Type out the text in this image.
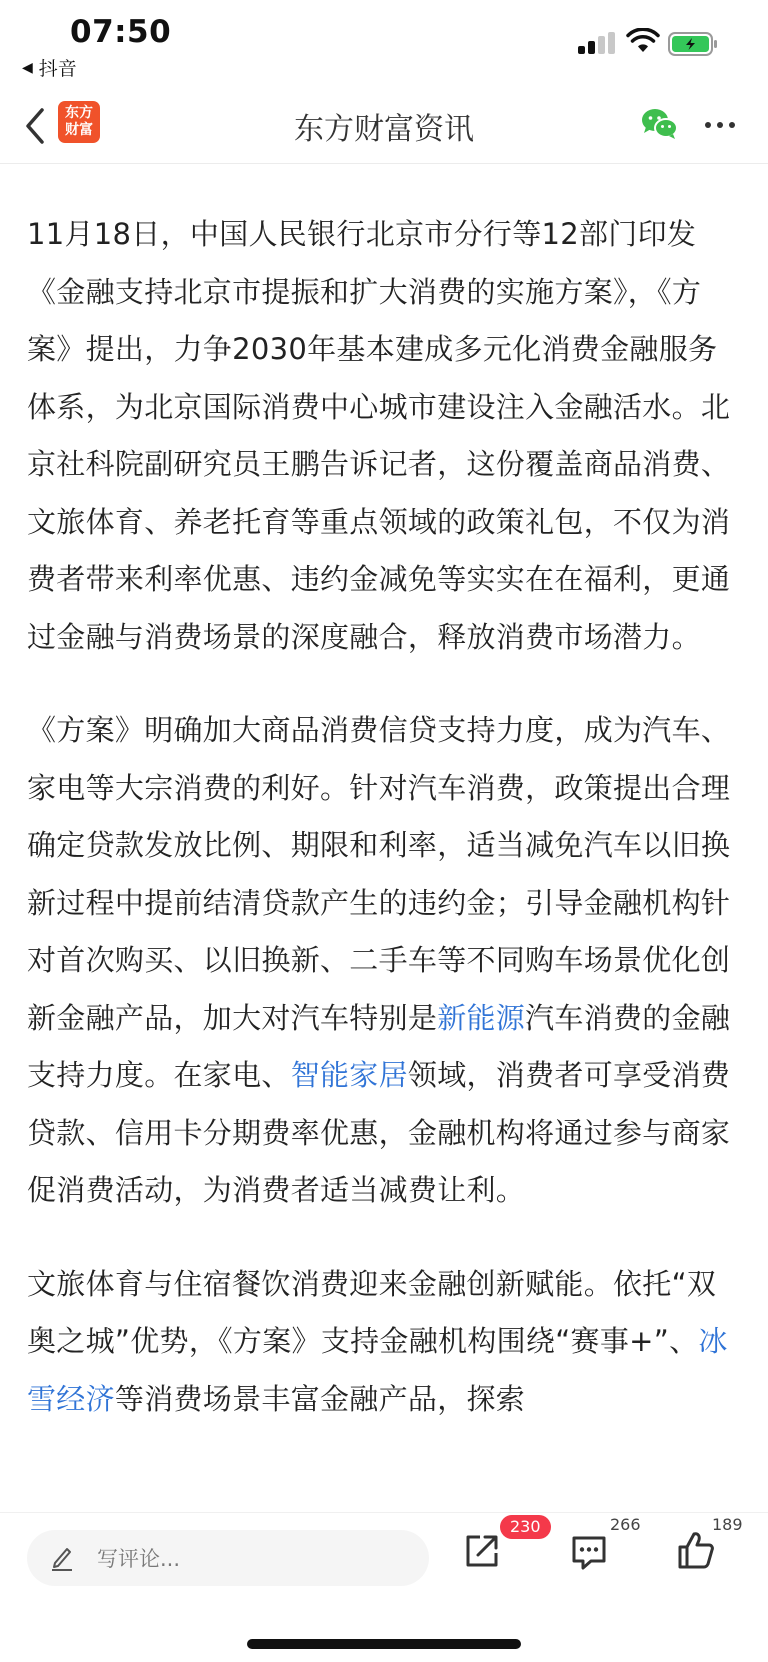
07:50
◀ 抖音
东方
财富	东方财富资讯

11月18日，中国人民银行北京市分行等12部门印发《金融支持北京市提振和扩大消费的实施方案》，《方案》提出，力争2030年基本建成多元化消费金融服务体系，为北京国际消费中心城市建设注入金融活水。北京社科院副研究员王鹏告诉记者，这份覆盖商品消费、文旅体育、养老托育等重点领域的政策礼包，不仅为消费者带来利率优惠、违约金减免等实实在在福利，更通过金融与消费场景的深度融合，释放消费市场潜力。

《方案》明确加大商品消费信贷支持力度，成为汽车、家电等大宗消费的利好。针对汽车消费，政策提出合理确定贷款发放比例、期限和利率，适当减免汽车以旧换新过程中提前结清贷款产生的违约金；引导金融机构针对首次购买、以旧换新、二手车等不同购车场景优化创新金融产品，加大对汽车特别是新能源汽车消费的金融支持力度。在家电、智能家居领域，消费者可享受消费贷款、信用卡分期费率优惠，金融机构将通过参与商家促消费活动，为消费者适当减费让利。

文旅体育与住宿餐饮消费迎来金融创新赋能。依托“双奥之城”优势，《方案》支持金融机构围绕“赛事+”、冰雪经济等消费场景丰富金融产品，探索

写评论...
230	266	189
